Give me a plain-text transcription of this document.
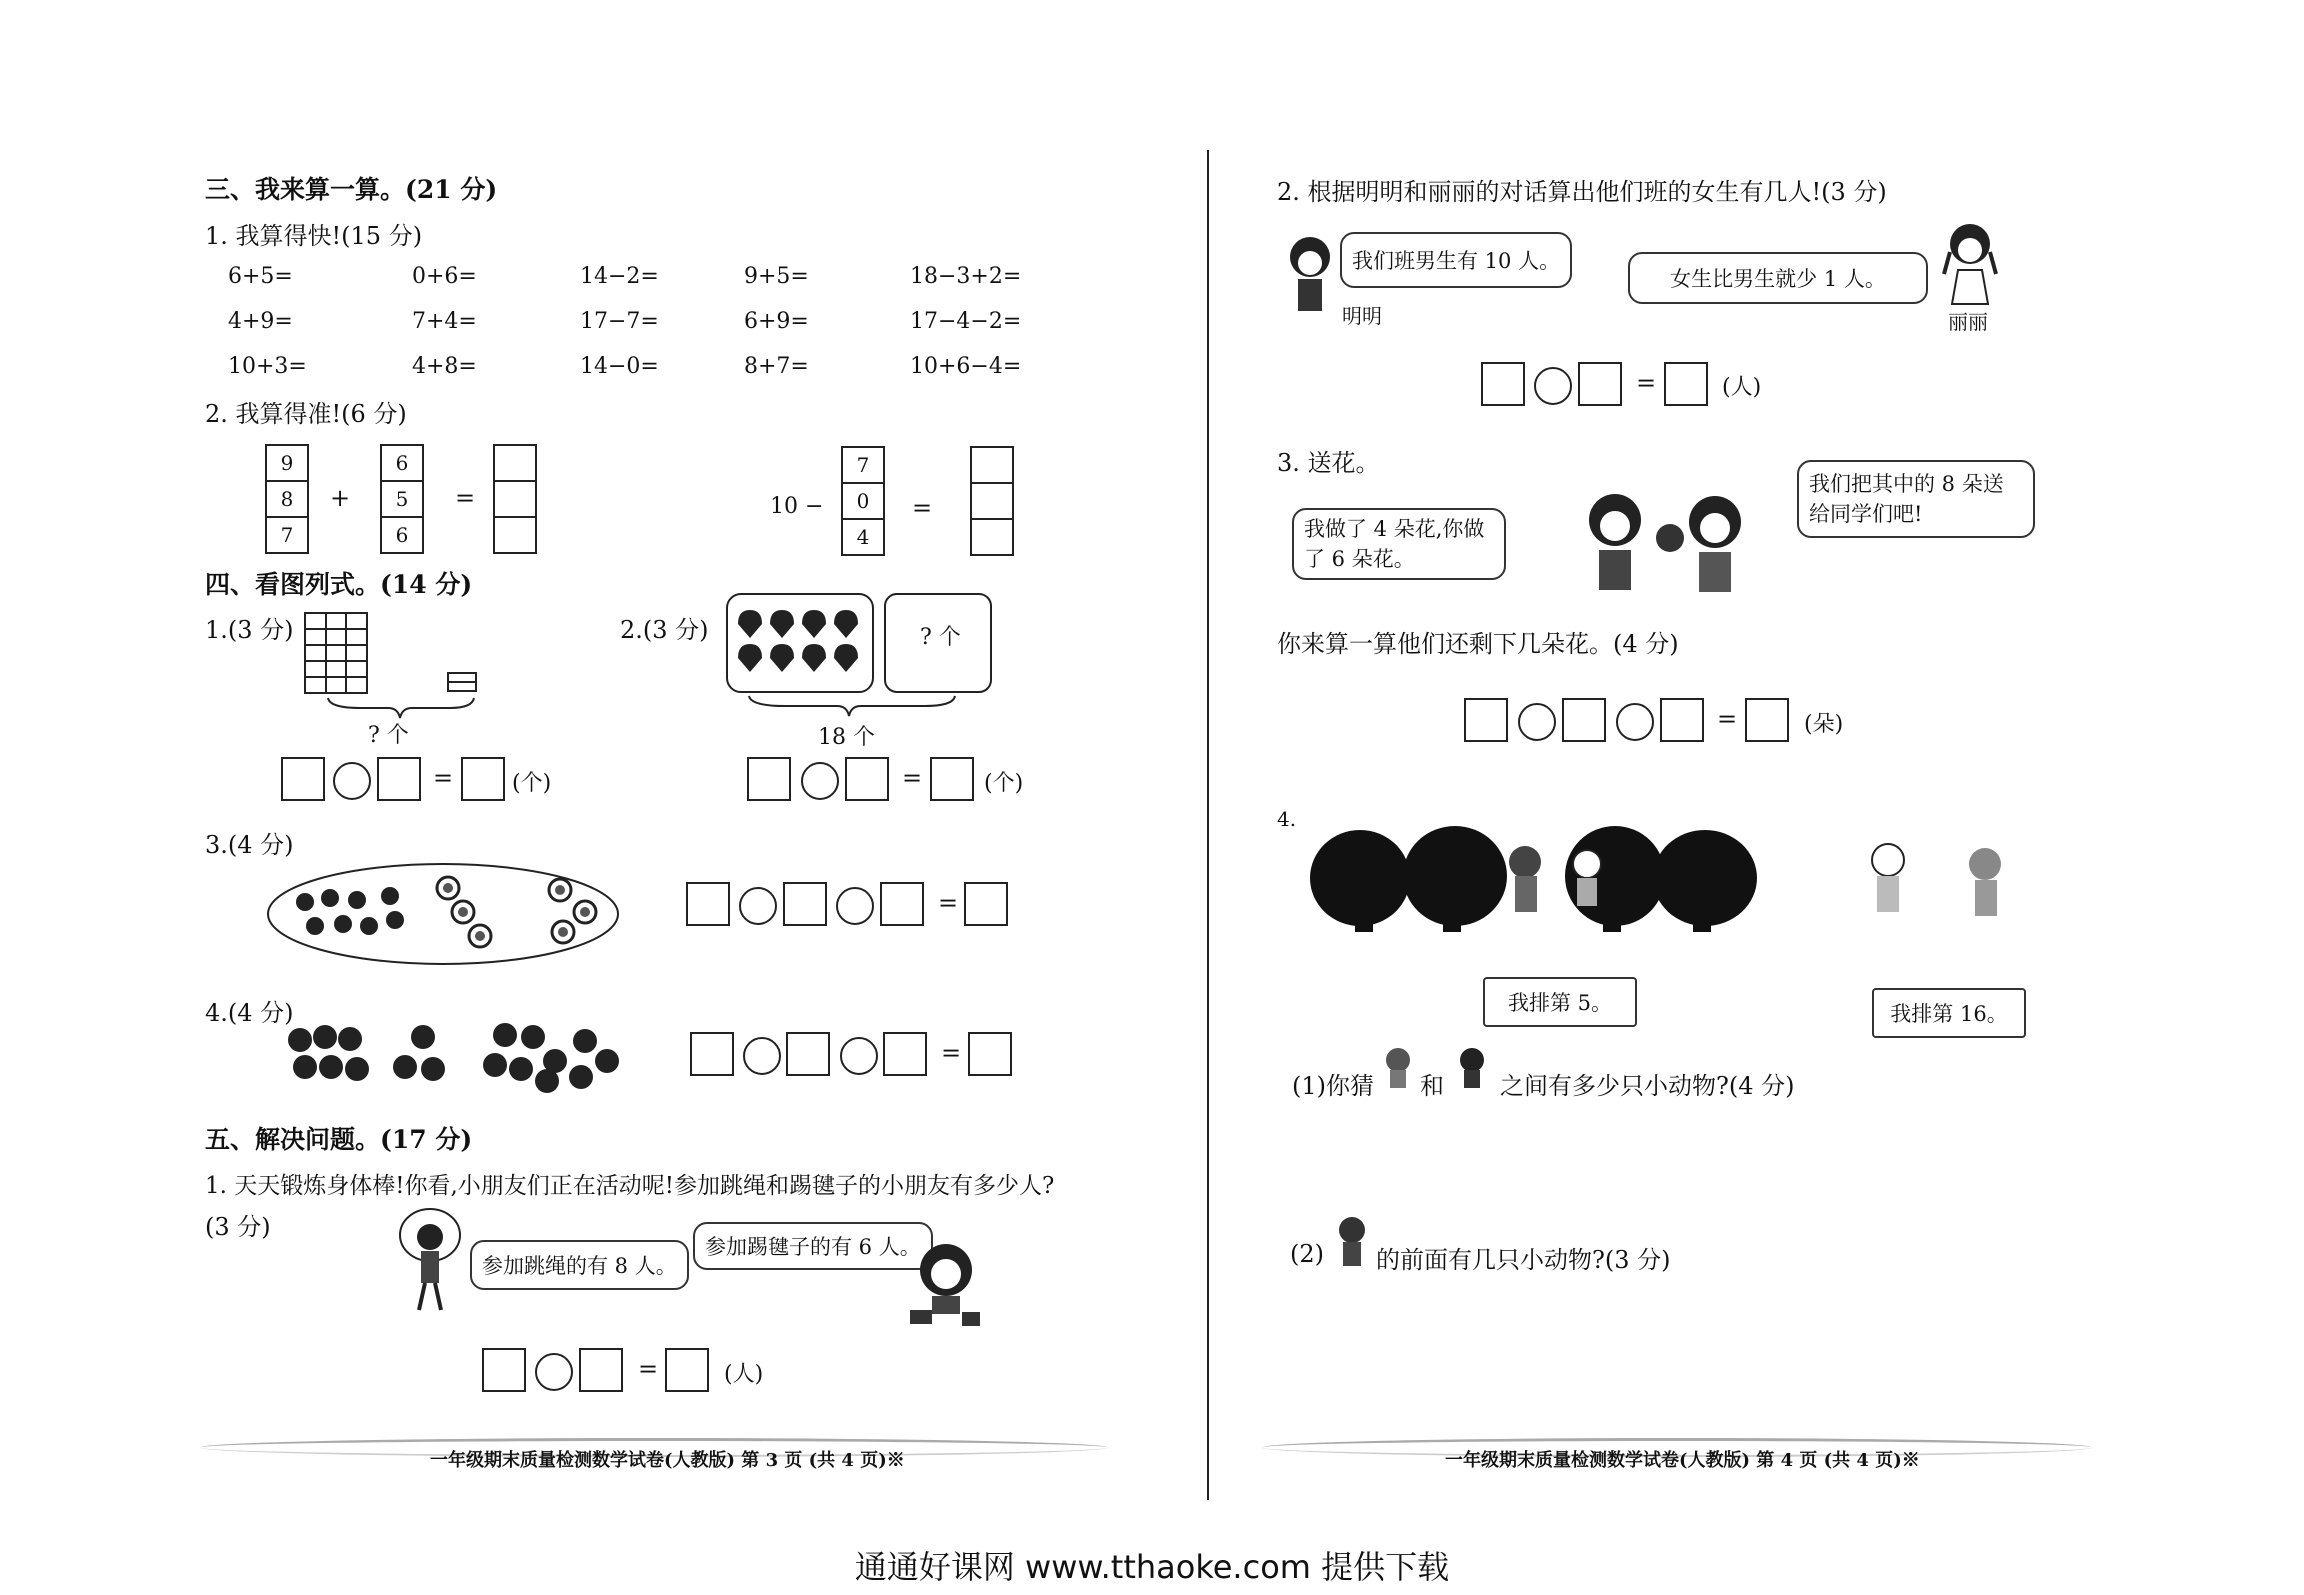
三、我来算一算。(21 分)
1. 我算得快!(15 分)
6+5=	0+6=	14−2=	9+5=	18−3+2=
4+9=	7+4=	17−7=	6+9=	17−4−2=
10+3=	4+8=	14−0=	8+7=	10+6−4=
2. 我算得准!(6 分)
9
8
7
+
6
5
6
=	10 −
7
0
4
=
四、看图列式。(14 分)
1.(3 分)
? 个
2.(3 分)	? 个
18 个
=	(个)	=	(个)
3.(4 分)
=
4.(4 分)
=
五、解决问题。(17 分)
1. 天天锻炼身体棒!你看,小朋友们正在活动呢!参加跳绳和踢毽子的小朋友有多少人?
(3 分)
参加跳绳的有 8 人。
参加踢毽子的有 6 人。
=	(人)
一年级期末质量检测数学试卷(人教版) 第 3 页 (共 4 页)※
2. 根据明明和丽丽的对话算出他们班的女生有几人!(3 分)
明明
我们班男生有 10 人。
女生比男生就少 1 人。
丽丽
=	(人)
3. 送花。
我做了 4 朵花,你做了 6 朵花。
我们把其中的 8 朵送给同学们吧!
你来算一算他们还剩下几朵花。(4 分)
=	(朵)
4.
我排第 5。	我排第 16。
(1)你猜 和 之间有多少只小动物?(4 分)
(2) 的前面有几只小动物?(3 分)
一年级期末质量检测数学试卷(人教版) 第 4 页 (共 4 页)※
通通好课网 www.tthaoke.com 提供下载
